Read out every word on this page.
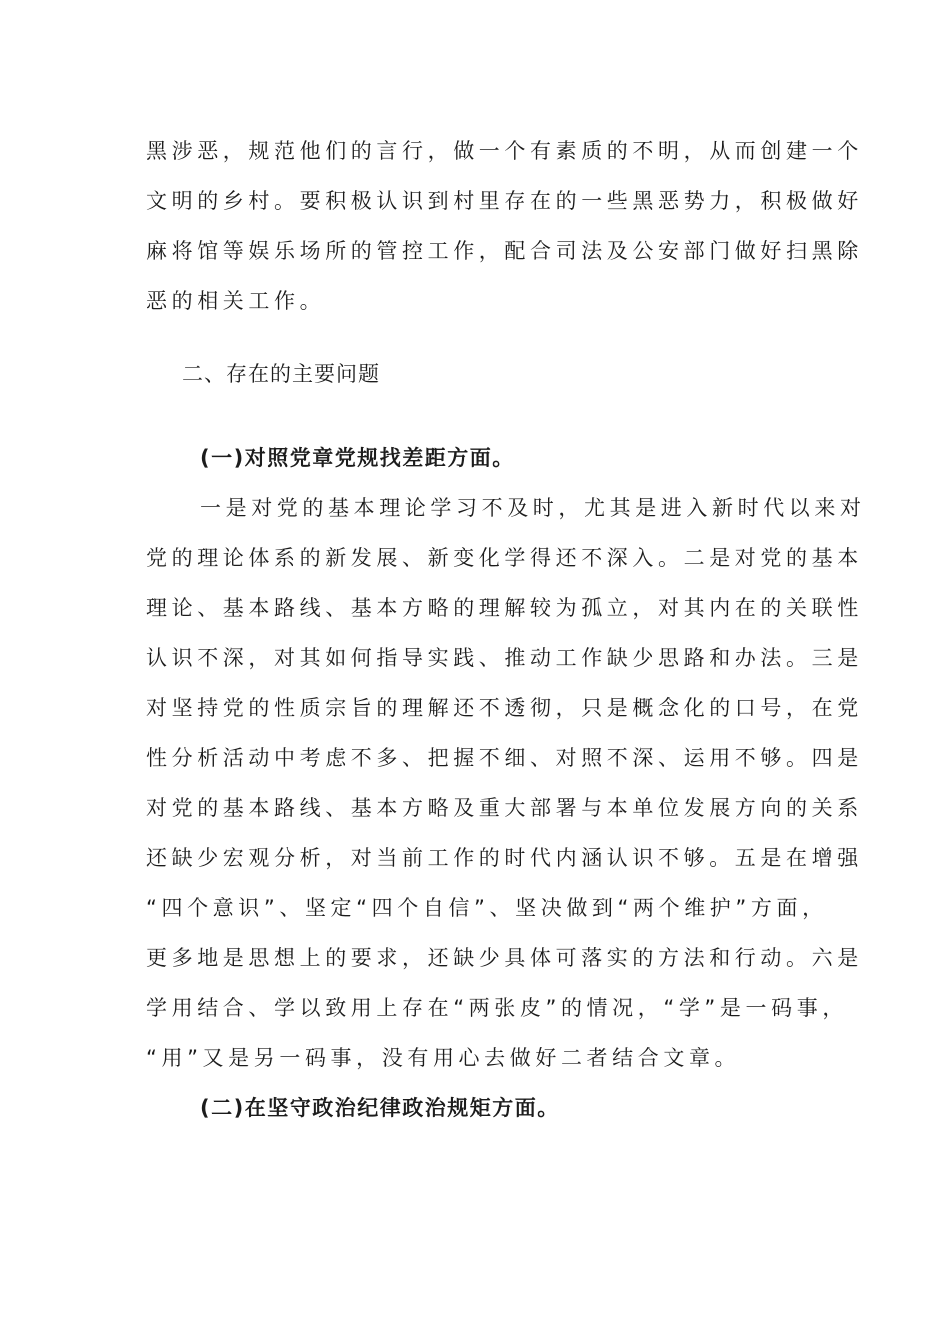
黑涉恶，规范他们的言行，做一个有素质的不明，从而创建一个
文明的乡村。要积极认识到村里存在的一些黑恶势力，积极做好
麻将馆等娱乐场所的管控工作，配合司法及公安部门做好扫黑除
恶的相关工作。
二、存在的主要问题
(一)对照党章党规找差距方面。
一是对党的基本理论学习不及时，尤其是进入新时代以来对
党的理论体系的新发展、新变化学得还不深入。二是对党的基本
理论、基本路线、基本方略的理解较为孤立，对其内在的关联性
认识不深，对其如何指导实践、推动工作缺少思路和办法。三是
对坚持党的性质宗旨的理解还不透彻，只是概念化的口号，在党
性分析活动中考虑不多、把握不细、对照不深、运用不够。四是
对党的基本路线、基本方略及重大部署与本单位发展方向的关系
还缺少宏观分析，对当前工作的时代内涵认识不够。五是在增强
“四个意识”、坚定“四个自信”、坚决做到“两个维护”方面，
更多地是思想上的要求，还缺少具体可落实的方法和行动。六是
学用结合、学以致用上存在“两张皮”的情况，“学”是一码事，
“用”又是另一码事，没有用心去做好二者结合文章。
(二)在坚守政治纪律政治规矩方面。
